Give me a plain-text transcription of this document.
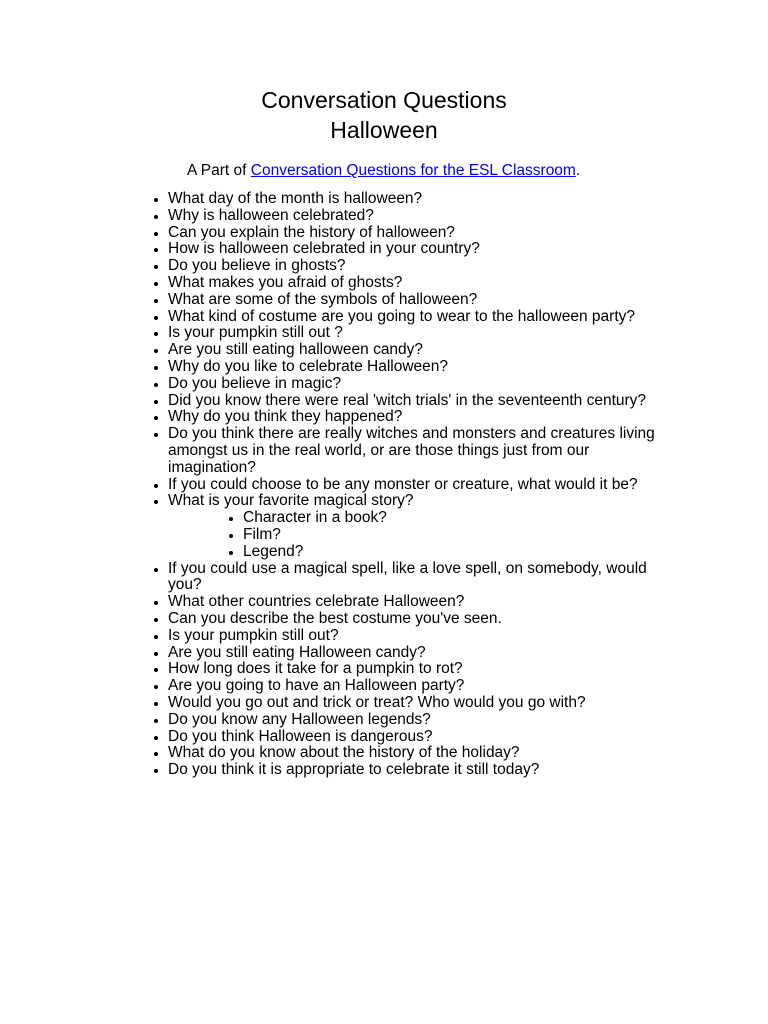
Conversation Questions
Halloween

A Part of Conversation Questions for the ESL Classroom.

• What day of the month is halloween?
• Why is halloween celebrated?
• Can you explain the history of halloween?
• How is halloween celebrated in your country?
• Do you believe in ghosts?
• What makes you afraid of ghosts?
• What are some of the symbols of halloween?
• What kind of costume are you going to wear to the halloween party?
• Is your pumpkin still out ?
• Are you still eating halloween candy?
• Why do you like to celebrate Halloween?
• Do you believe in magic?
• Did you know there were real 'witch trials' in the seventeenth century?
• Why do you think they happened?
• Do you think there are really witches and monsters and creatures living amongst us in the real world, or are those things just from our imagination?
• If you could choose to be any monster or creature, what would it be?
• What is your favorite magical story?
• Character in a book?
• Film?
• Legend?
• If you could use a magical spell, like a love spell, on somebody, would you?
• What other countries celebrate Halloween?
• Can you describe the best costume you've seen.
• Is your pumpkin still out?
• Are you still eating Halloween candy?
• How long does it take for a pumpkin to rot?
• Are you going to have an Halloween party?
• Would you go out and trick or treat? Who would you go with?
• Do you know any Halloween legends?
• Do you think Halloween is dangerous?
• What do you know about the history of the holiday?
• Do you think it is appropriate to celebrate it still today?
